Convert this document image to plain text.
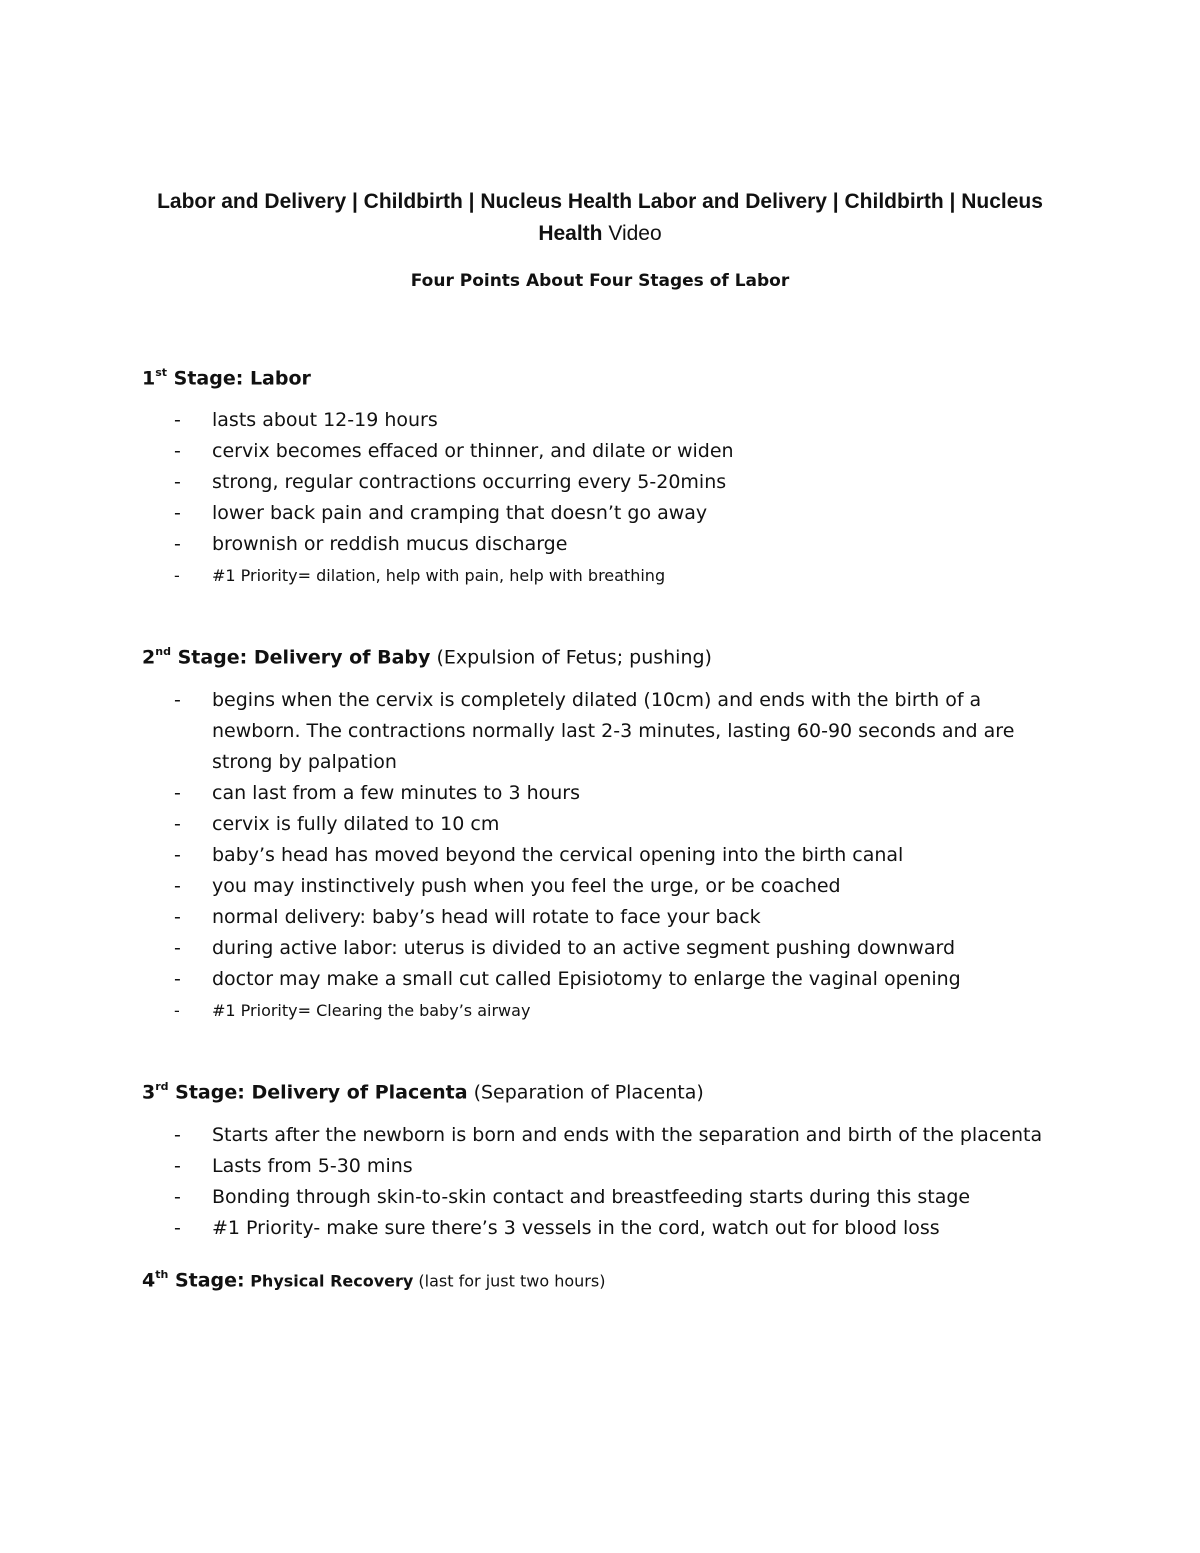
Labor and Delivery | Childbirth | Nucleus Health Labor and Delivery | Childbirth | Nucleus Health Video
Four Points About Four Stages of Labor
1st Stage: Labor
- lasts about 12-19 hours
- cervix becomes effaced or thinner, and dilate or widen
- strong, regular contractions occurring every 5-20mins
- lower back pain and cramping that doesn’t go away
- brownish or reddish mucus discharge
- #1 Priority= dilation, help with pain, help with breathing
2nd Stage: Delivery of Baby (Expulsion of Fetus; pushing)
- begins when the cervix is completely dilated (10cm) and ends with the birth of a newborn. The contractions normally last 2-3 minutes, lasting 60-90 seconds and are strong by palpation
- can last from a few minutes to 3 hours
- cervix is fully dilated to 10 cm
- baby’s head has moved beyond the cervical opening into the birth canal
- you may instinctively push when you feel the urge, or be coached
- normal delivery: baby’s head will rotate to face your back
- during active labor: uterus is divided to an active segment pushing downward
- doctor may make a small cut called Episiotomy to enlarge the vaginal opening
- #1 Priority= Clearing the baby’s airway
3rd Stage: Delivery of Placenta (Separation of Placenta)
- Starts after the newborn is born and ends with the separation and birth of the placenta
- Lasts from 5-30 mins
- Bonding through skin-to-skin contact and breastfeeding starts during this stage
- #1 Priority- make sure there’s 3 vessels in the cord, watch out for blood loss
4th Stage: Physical Recovery (last for just two hours)
